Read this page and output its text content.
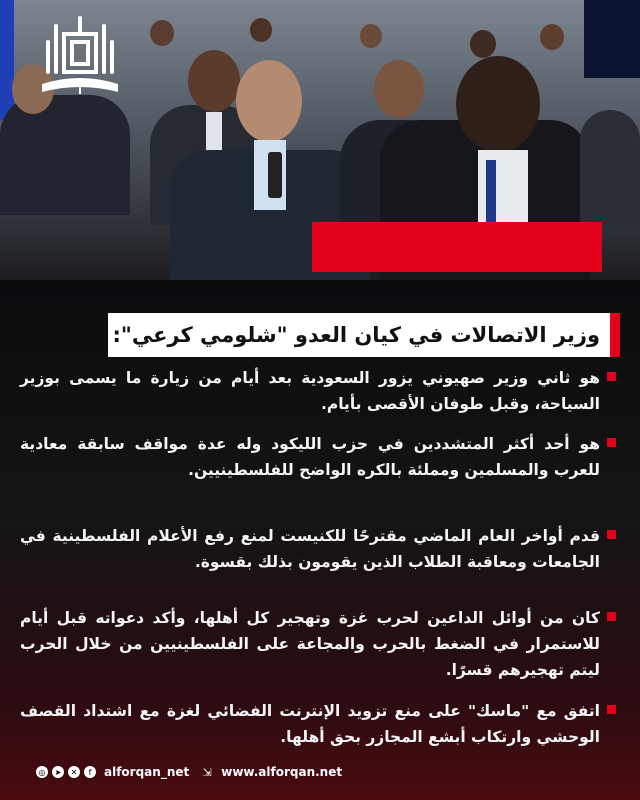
وزير الاتصالات في كيان العدو "شلومي كرعي":
هو ثاني وزير صهيوني يزور السعودية بعد أيام من زيارة ما يسمى بوزير السياحة، وقبل طوفان الأقصى بأيام.
هو أحد أكثر المتشددين في حزب الليكود وله عدة مواقف سابقة معادية للعرب والمسلمين ومملئة بالكره الواضح للفلسطينيين.
قدم أواخر العام الماضي مقترحًا للكنيست لمنع رفع الأعلام الفلسطينية في الجامعات ومعاقبة الطلاب الذين يقومون بذلك بقسوة.
كان من أوائل الداعين لحرب غزة وتهجير كل أهلها، وأكد دعواته قبل أيام للاستمرار في الضغط بالحرب والمجاعة على الفلسطينيين من خلال الحرب ليتم تهجيرهم قسرًا.
اتفق مع "ماسك" على منع تزويد الإنترنت الفضائي لغزة مع اشتداد القصف الوحشي وارتكاب أبشع المجازر بحق أهلها.
◎	➤	✕	f	alforqan_net ⇲ www.alforqan.net
